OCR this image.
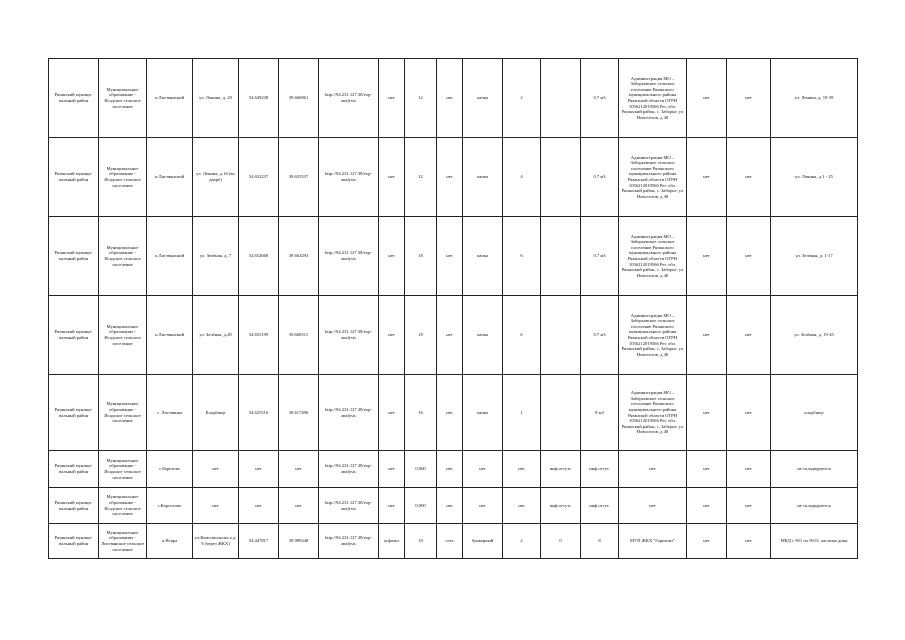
Рязанский муници-пальный район	Муниципальное образование - Исадское сельское поселение	п.Листвянский	ул. Ленина, д. 20	54.649238	39.666961	http://94.231.127.38/expanalysis	нет	12	нет	папка	2		0.7 м3	Администрация МО – Заборьевское сельское поселение Рязанского муниципального района Рязанской области ОГРН 1056212019566 Рег. обл. Рязанский район, с. Заборье, ул Новоселов, д 40	нет	нет	ул. Ленина, д. 19-39
Рязанский муници-пальный район	Муниципальное образование - Исадское сельское поселение	п.Листвянский	ул. Ленина, д.16 (во дворе)	54.652237	39.655537	http://94.231.127.38/expanalysis	нет	12	нет	папка	4		0.7 м3	Администрация МО – Заборьевское сельское поселение Рязанского муниципального района Рязанской области ОГРН 1056212019566 Рег. обл. Рязанский район, с. Заборье, ул Новоселов, д 40	нет	нет	ул. Ленина, д.1 - 25
Рязанский муници-пальный район	Муниципальное образование - Исадское сельское поселение	п.Листвянский	ул. Зелёная, д. 7	54.652668	39.663293	http://94.231.127.38/expanalysis	нет	18	нет	папка	6		0.7 м3	Администрация МО – Заборьевское сельское поселение Рязанского муниципального района Рязанской области ОГРН 1056212019566 Рег. обл. Рязанский район, с. Заборье, ул Новоселов, д 40	нет	нет	ул. Зелёная, д. 1-17
Рязанский муници-пальный район	Муниципальное образование - Исадское сельское поселение	п.Листвянский	ул. Зелёная, д.28	54.655199	39.668511	http://94.231.127.38/expanalysis	нет	18	нет	папка	6		0.7 м3	Администрация МО – Заборьевское сельское поселение Рязанского муниципального района Рязанской области ОГРН 1056212019566 Рег. обл. Рязанский район, с. Заборье, ул Новоселов, д 40	нет	нет	ул. Зелёная, д. 19-45
Рязанский муници-пальный район	Муниципальное образование - Исадское сельское поселение	с. Листвянка	Кладбище	54.625516	39.617496	http://94.231.127.38/expanalysis	нет	16	нет	папка	1		8 м3	Администрация МО – Заборьевское сельское поселение Рязанского муниципального района Рязанской области ОГРН 1056212019566 Рег. обл. Рязанский район, с. Заборье, ул Новоселов, д 40	нет	нет	кладбище
Рязанский муници-пальный район	Муниципальное образование - Исадское сельское поселение	с.Березово	нет	нет	нет	http://94.231.127.38/expanalysis	нет	0,000	нет	нет	нет	инф.отсутс	инф.отсут.	нет	нет	нет	не складируются
Рязанский муници-пальный район	Муниципальное образование - Исадское сельское поселение	с.Коростово	нет	нет	нет	http://94.231.127.38/expanalysis	нет	0,000	нет	нет	нет	инф.отсутс	инф.отсут.	нет	нет	нет	не складируются
Рязанский муници-пальный район	Муниципальное образование - Листвянское сельское поселение	п.Искра	ул.Комсомольска я д. 9 (через ЖКХ)	54.447817	39.989348	http://94.231.127.38/expanalysis	асфальт	10	сеть	бункерный	2	0	8	МУП ЖКХ "Горизонт"	нет	нет	МКД с 9б1 по 9б13, частные дома
